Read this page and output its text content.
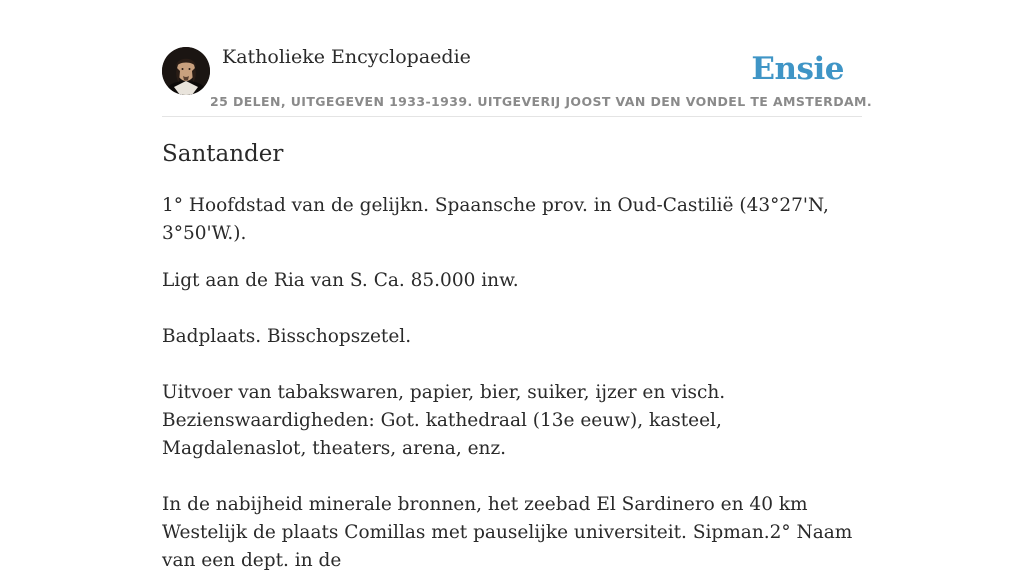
Katholieke Encyclopaedie	Ensie
25 DELEN, UITGEGEVEN 1933-1939. UITGEVERIJ JOOST VAN DEN VONDEL TE AMSTERDAM.
Santander

1° Hoofdstad van de gelijkn. Spaansche prov. in Oud-Castilië (43°27'N, 3°50'W.).

Ligt aan de Ria van S. Ca. 85.000 inw.

Badplaats. Bisschopszetel.

Uitvoer van tabakswaren, papier, bier, suiker, ijzer en visch. Bezienswaardigheden: Got. kathedraal (13e eeuw), kasteel, Magdalenaslot, theaters, arena, enz.

In de nabijheid minerale bronnen, het zeebad El Sardinero en 40 km Westelijk de plaats Comillas met pauselijke universiteit. Sipman.2° Naam van een dept. in de
